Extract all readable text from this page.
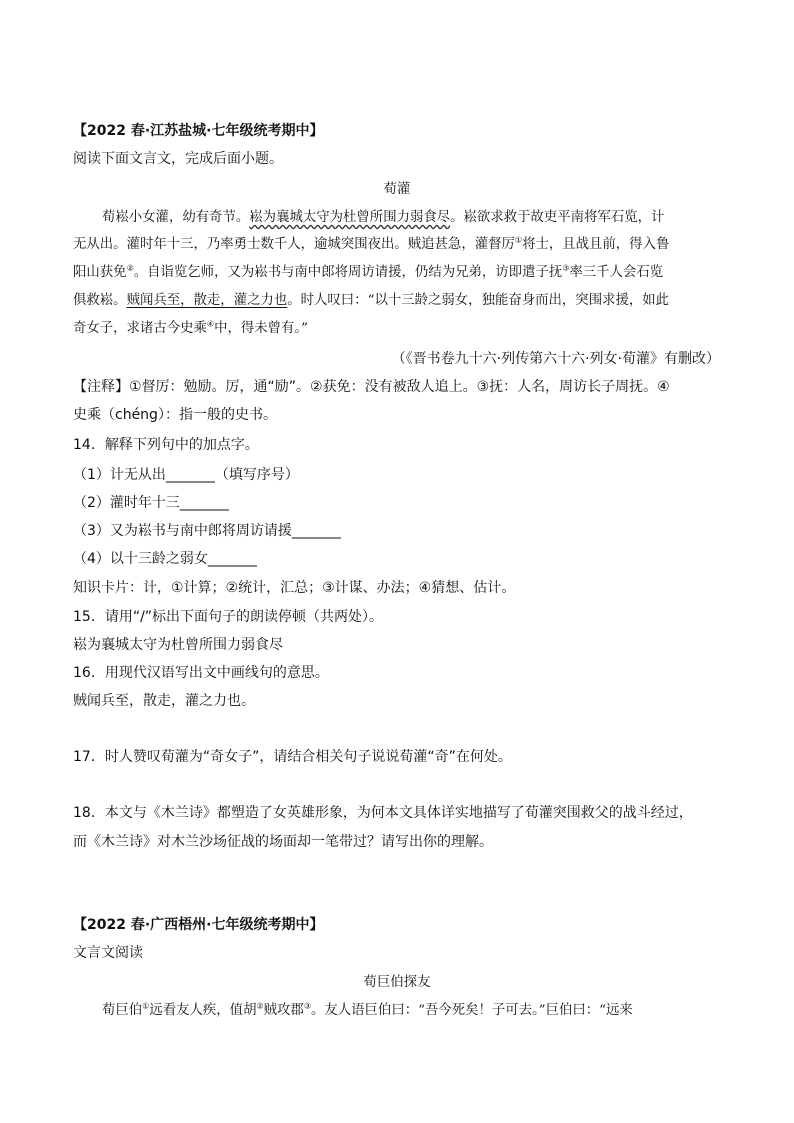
【2022 春·江苏盐城·七年级统考期中】
阅读下面文言文，完成后面小题。
荀灌
荀崧小女灌，幼有奇节。崧为襄城太守为杜曾所围力弱食尽。崧欲求救于故吏平南将军石览，计
无从出。灌时年十三，乃率勇士数千人，逾城突围夜出。贼追甚急，灌督厉①将士，且战且前，得入鲁
阳山获免②。自诣览乞师，又为崧书与南中郎将周访请援，仍结为兄弟，访即遣子抚③率三千人会石览
俱救崧。贼闻兵至，散走，灌之力也。时人叹曰：“以十三龄之弱女，独能奋身而出，突围求援，如此
奇女子，求诸古今史乘④中，得未曾有。”
（《晋书卷九十六·列传第六十六·列女·荀灌》有删改）
【注释】①督厉：勉励。厉，通“励”。②获免：没有被敌人追上。③抚：人名，周访长子周抚。④
史乘（chéng）：指一般的史书。
14．解释下列句中的加点字。
（1）计无从出_______（填写序号）
（2）灌时年十三_______
（3）又为崧书与南中郎将周访请援_______
（4）以十三龄之弱女_______
知识卡片：计，①计算；②统计，汇总；③计谋、办法；④猜想、估计。
15．请用“/”标出下面句子的朗读停顿（共两处）。
崧为襄城太守为杜曾所围力弱食尽
16．用现代汉语写出文中画线句的意思。
贼闻兵至，散走，灌之力也。
17．时人赞叹荀灌为“奇女子”，请结合相关句子说说荀灌“奇”在何处。
18．本文与《木兰诗》都塑造了女英雄形象，为何本文具体详实地描写了荀灌突围救父的战斗经过，
而《木兰诗》对木兰沙场征战的场面却一笔带过？请写出你的理解。
【2022 春·广西梧州·七年级统考期中】
文言文阅读
荀巨伯探友
荀巨伯①远看友人疾，值胡②贼攻郡③。友人语巨伯曰：“吾今死矣！子可去。”巨伯曰：“远来
